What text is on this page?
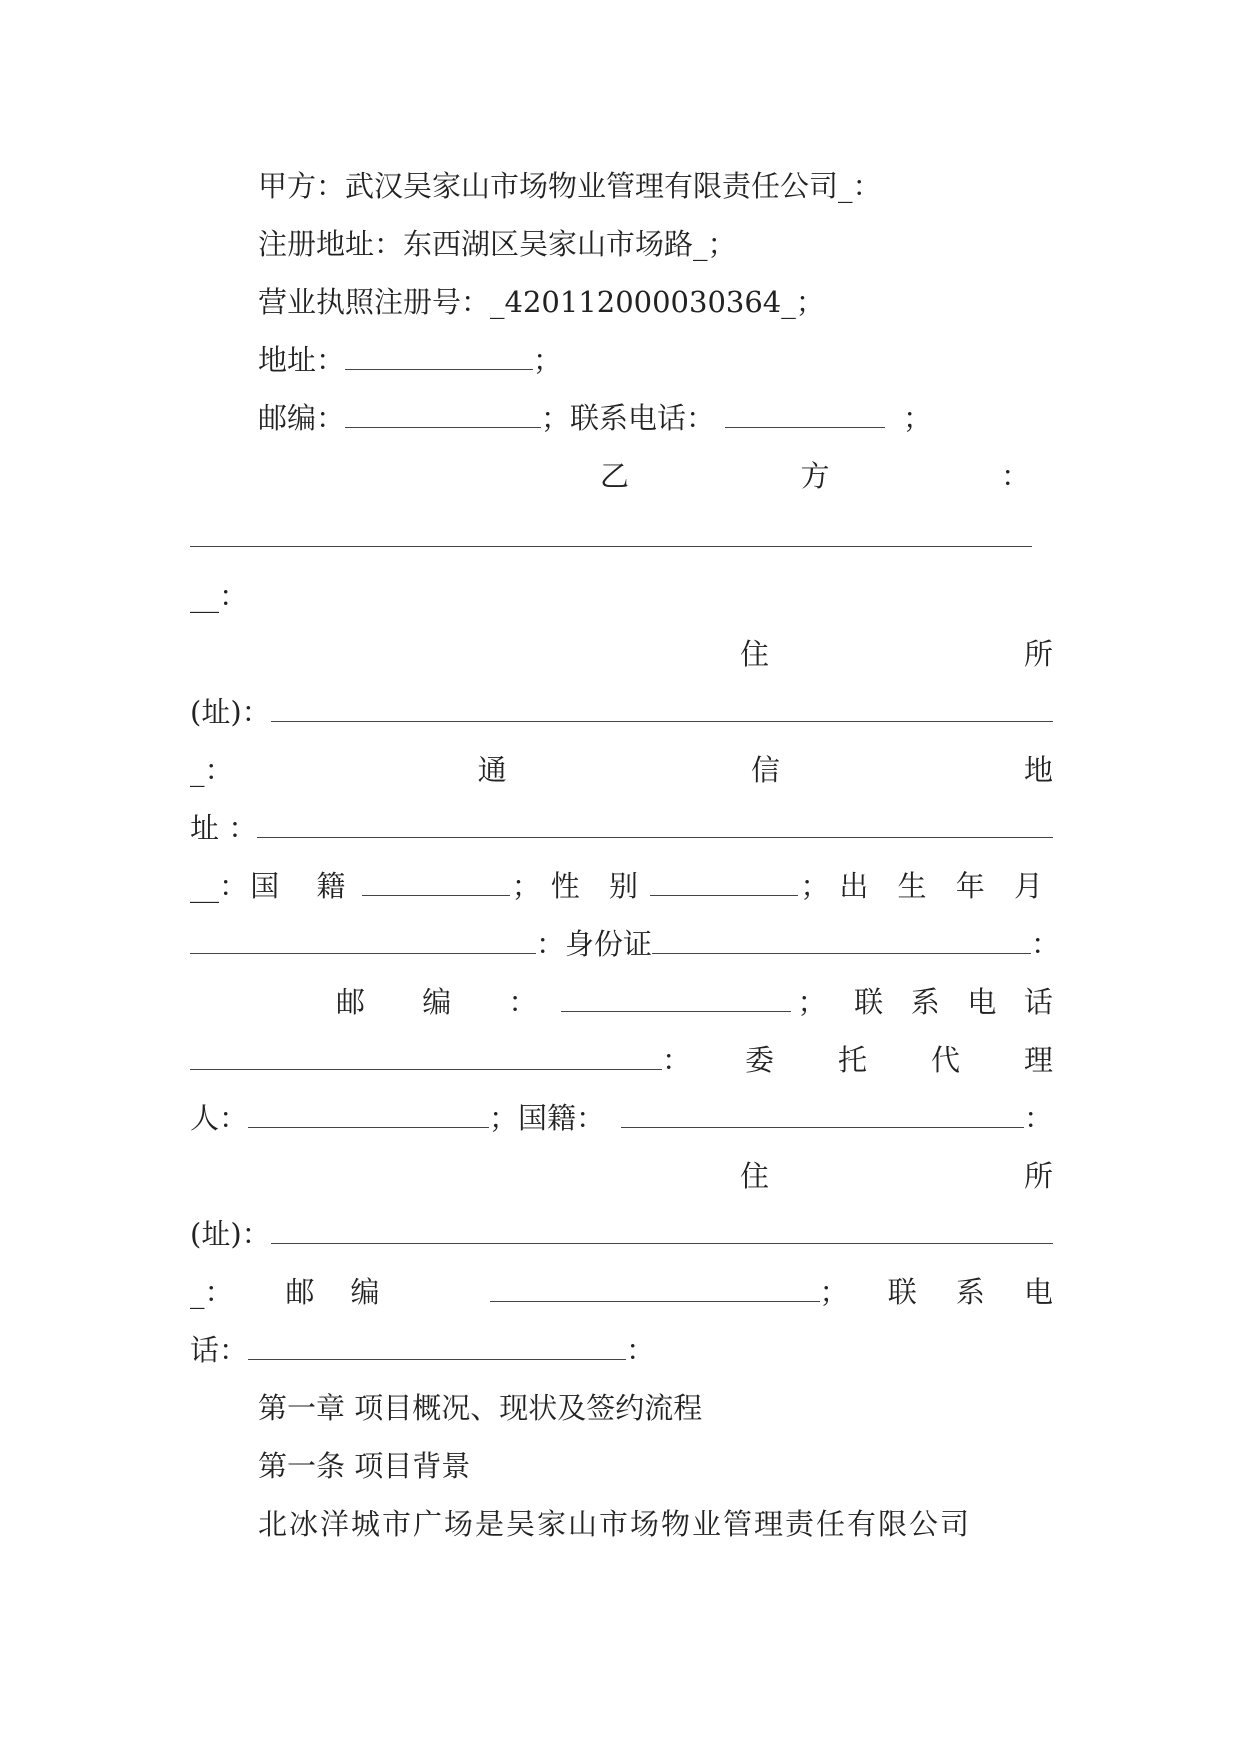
甲方：武汉吴家山市场物业管理有限责任公司_：
注册地址：东西湖区吴家山市场路_；
营业执照注册号：_420112000030364_；
地址：	；
邮编：	；联系电话：	；
乙	方	：
__：
住	所
(址)：
_：	通	信	地
址 ：
__： 国 籍	；性 别	；出 生 年 月
：身份证	：
邮 编 ：	； 联 系 电 话
： 委 托 代 理
人：	；国籍：	：
住	所
(址)：
_： 邮 编	； 联 系 电
话：	：
第一章 项目概况、现状及签约流程
第一条 项目背景
北冰洋城市广场是吴家山市场物业管理责任有限公司
